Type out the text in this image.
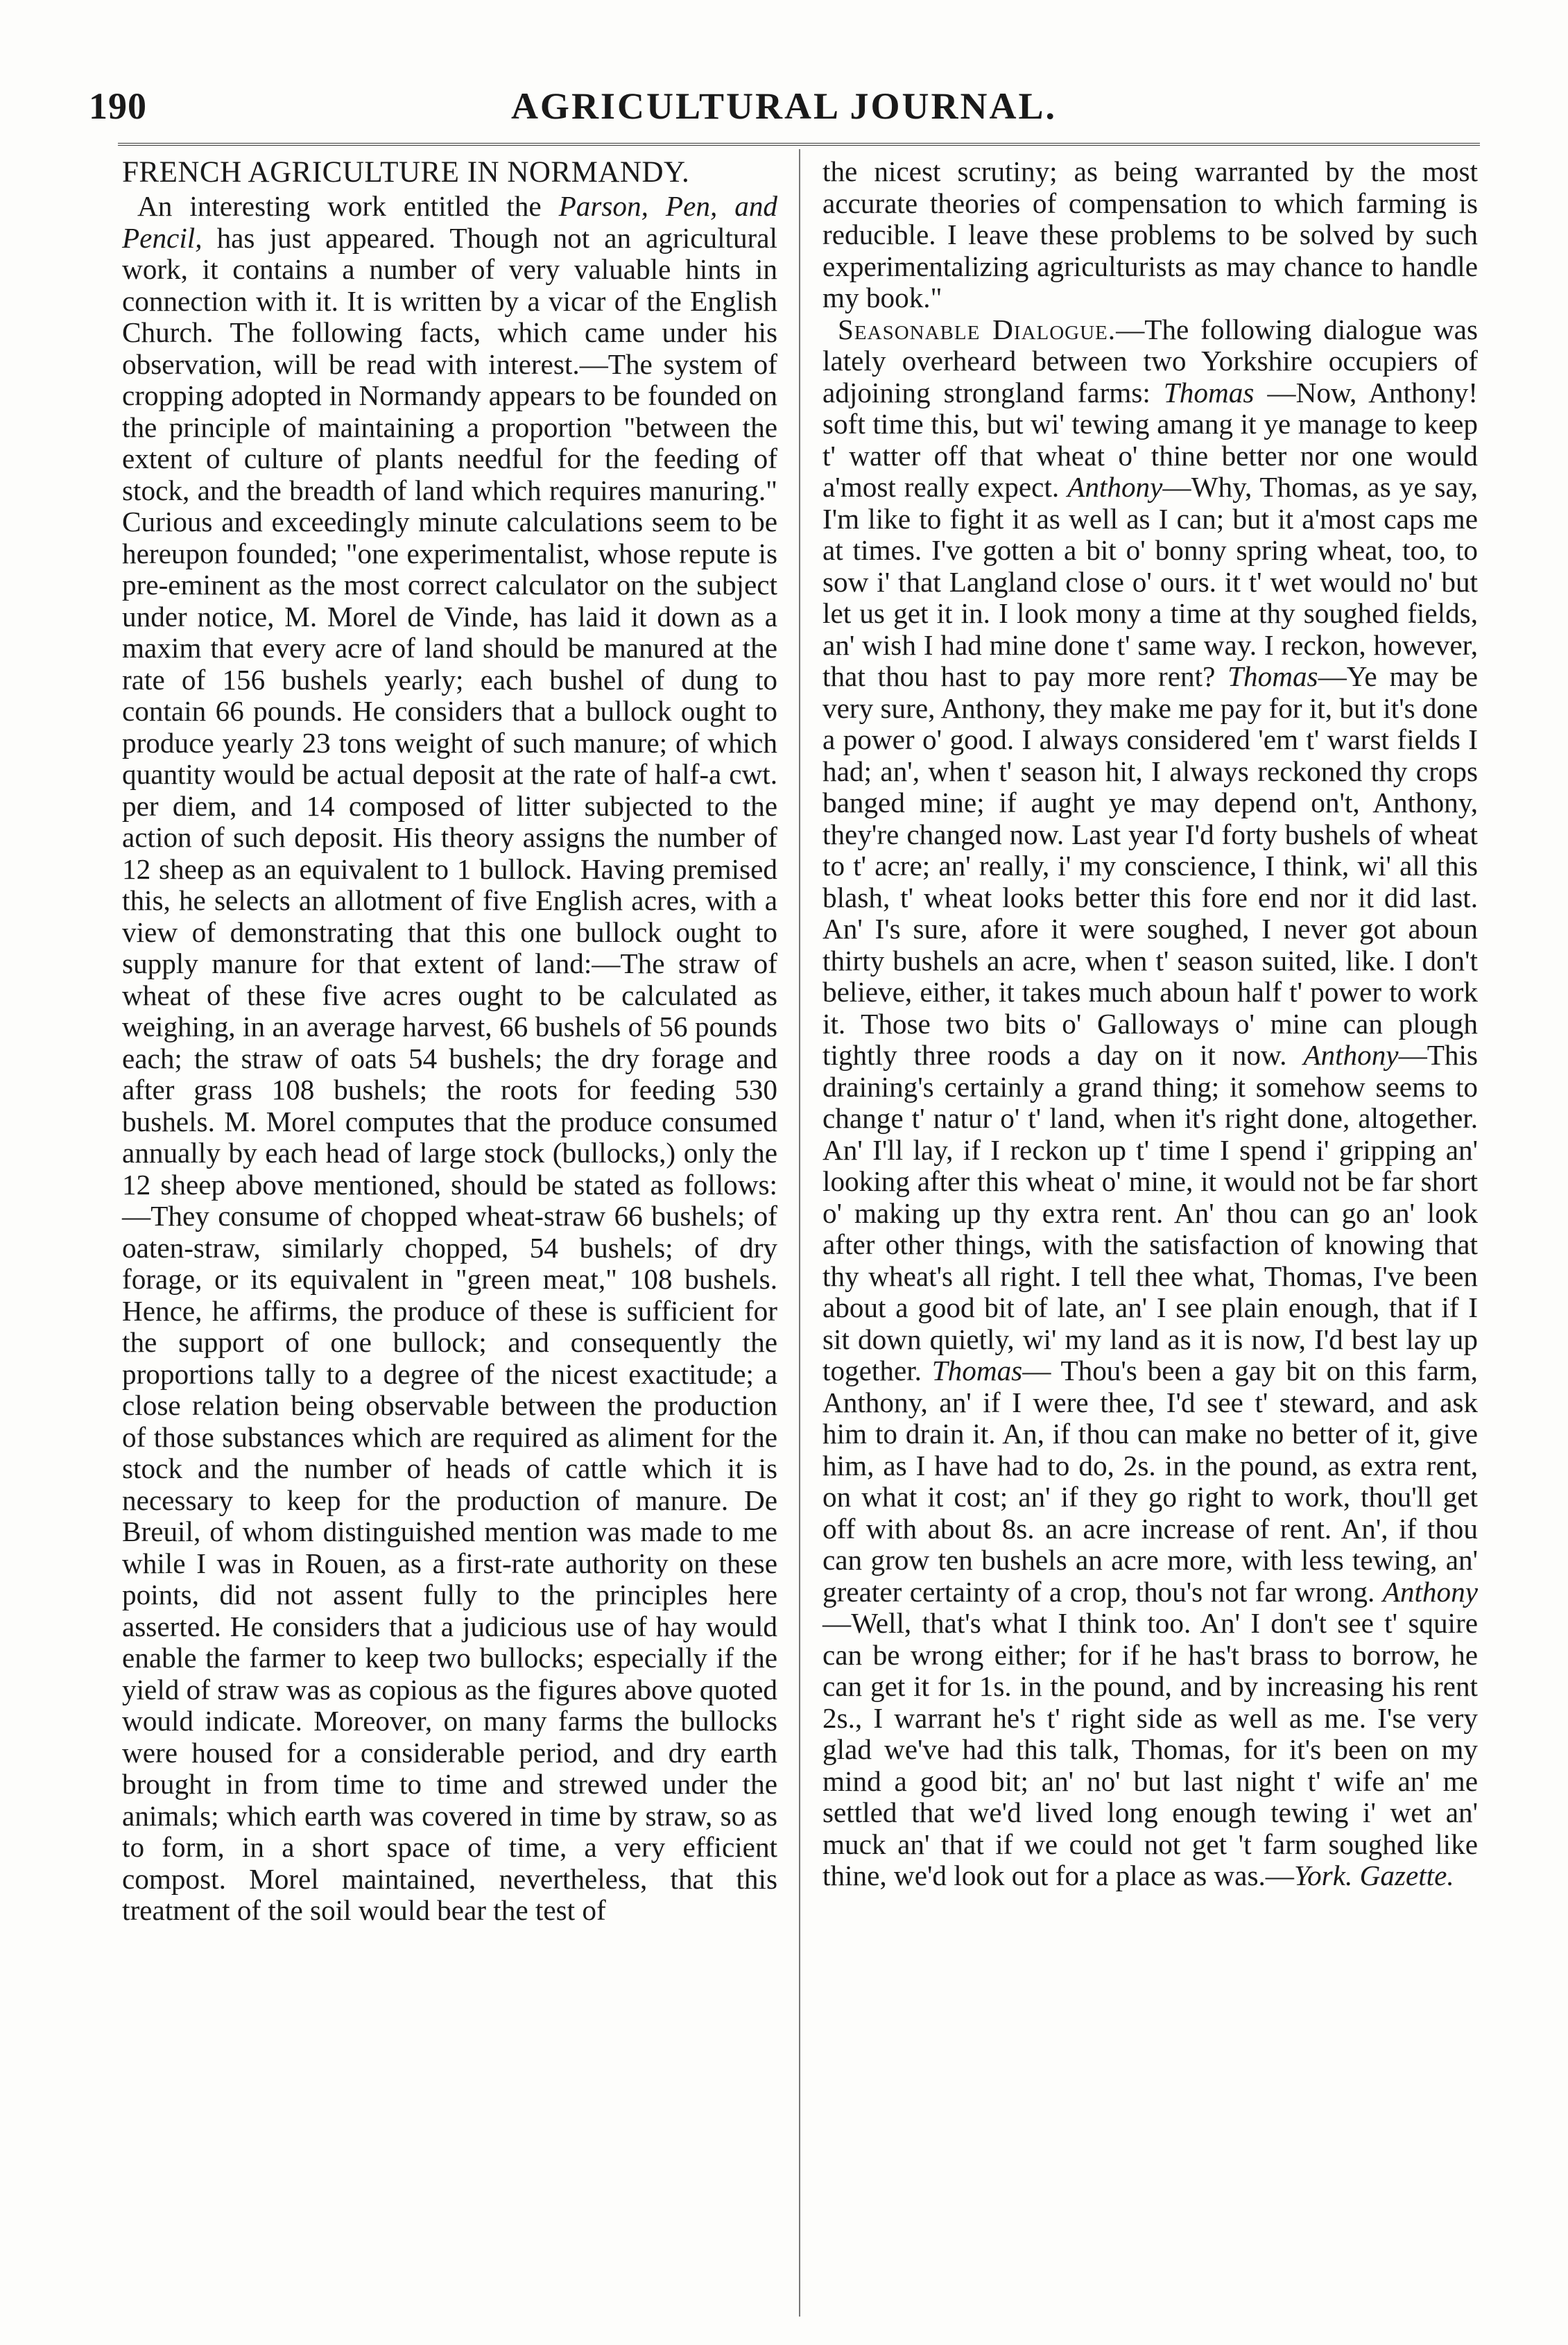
190	AGRICULTURAL JOURNAL.
FRENCH AGRICULTURE IN NORMANDY.

An interesting work entitled the Parson, Pen, and Pencil, has just appeared. Though not an agricultural work, it contains a number of very valuable hints in connection with it. It is written by a vicar of the English Church. The following facts, which came under his observation, will be read with interest.—The system of cropping adopted in Normandy appears to be founded on the principle of maintaining a proportion "between the extent of culture of plants needful for the feeding of stock, and the breadth of land which requires manuring." Curious and exceedingly minute calculations seem to be hereupon founded; "one experimentalist, whose repute is pre-eminent as the most correct calculator on the subject under notice, M. Morel de Vinde, has laid it down as a maxim that every acre of land should be manured at the rate of 156 bushels yearly; each bushel of dung to contain 66 pounds. He considers that a bullock ought to produce yearly 23 tons weight of such manure; of which quantity would be actual deposit at the rate of half-a cwt. per diem, and 14 composed of litter subjected to the action of such deposit. His theory assigns the number of 12 sheep as an equivalent to 1 bullock. Having premised this, he selects an allotment of five English acres, with a view of demonstrating that this one bullock ought to supply manure for that extent of land:—The straw of wheat of these five acres ought to be calculated as weighing, in an average harvest, 66 bushels of 56 pounds each; the straw of oats 54 bushels; the dry forage and after grass 108 bushels; the roots for feeding 530 bushels. M. Morel computes that the produce consumed annually by each head of large stock (bullocks,) only the 12 sheep above mentioned, should be stated as follows:—They consume of chopped wheat-straw 66 bushels; of oaten-straw, similarly chopped, 54 bushels; of dry forage, or its equivalent in "green meat," 108 bushels. Hence, he affirms, the produce of these is sufficient for the support of one bullock; and consequently the proportions tally to a degree of the nicest exactitude; a close relation being observable between the production of those substances which are required as aliment for the stock and the number of heads of cattle which it is necessary to keep for the production of manure. De Breuil, of whom distinguished mention was made to me while I was in Rouen, as a first-rate authority on these points, did not assent fully to the principles here asserted. He considers that a judicious use of hay would enable the farmer to keep two bullocks; especially if the yield of straw was as copious as the figures above quoted would indicate. Moreover, on many farms the bullocks were housed for a considerable period, and dry earth brought in from time to time and strewed under the animals; which earth was covered in time by straw, so as to form, in a short space of time, a very efficient compost. Morel maintained, nevertheless, that this treatment of the soil would bear the test of

the nicest scrutiny; as being warranted by the most accurate theories of compensation to which farming is reducible. I leave these problems to be solved by such experimentalizing agriculturists as may chance to handle my book."

Seasonable Dialogue.—The following dialogue was lately overheard between two Yorkshire occupiers of adjoining strongland farms: Thomas —Now, Anthony! soft time this, but wi' tewing amang it ye manage to keep t' watter off that wheat o' thine better nor one would a'most really expect. Anthony—Why, Thomas, as ye say, I'm like to fight it as well as I can; but it a'most caps me at times. I've gotten a bit o' bonny spring wheat, too, to sow i' that Langland close o' ours. it t' wet would no' but let us get it in. I look mony a time at thy soughed fields, an' wish I had mine done t' same way. I reckon, however, that thou hast to pay more rent? Thomas—Ye may be very sure, Anthony, they make me pay for it, but it's done a power o' good. I always considered 'em t' warst fields I had; an', when t' season hit, I always reckoned thy crops banged mine; if aught ye may depend on't, Anthony, they're changed now. Last year I'd forty bushels of wheat to t' acre; an' really, i' my conscience, I think, wi' all this blash, t' wheat looks better this fore end nor it did last. An' I's sure, afore it were soughed, I never got aboun thirty bushels an acre, when t' season suited, like. I don't believe, either, it takes much aboun half t' power to work it. Those two bits o' Galloways o' mine can plough tightly three roods a day on it now. Anthony—This draining's certainly a grand thing; it somehow seems to change t' natur o' t' land, when it's right done, altogether. An' I'll lay, if I reckon up t' time I spend i' gripping an' looking after this wheat o' mine, it would not be far short o' making up thy extra rent. An' thou can go an' look after other things, with the satisfaction of knowing that thy wheat's all right. I tell thee what, Thomas, I've been about a good bit of late, an' I see plain enough, that if I sit down quietly, wi' my land as it is now, I'd best lay up together. Thomas— Thou's been a gay bit on this farm, Anthony, an' if I were thee, I'd see t' steward, and ask him to drain it. An, if thou can make no better of it, give him, as I have had to do, 2s. in the pound, as extra rent, on what it cost; an' if they go right to work, thou'll get off with about 8s. an acre increase of rent. An', if thou can grow ten bushels an acre more, with less tewing, an' greater certainty of a crop, thou's not far wrong. Anthony —Well, that's what I think too. An' I don't see t' squire can be wrong either; for if he has't brass to borrow, he can get it for 1s. in the pound, and by increasing his rent 2s., I warrant he's t' right side as well as me. I'se very glad we've had this talk, Thomas, for it's been on my mind a good bit; an' no' but last night t' wife an' me settled that we'd lived long enough tewing i' wet an' muck an' that if we could not get 't farm soughed like thine, we'd look out for a place as was.—York. Gazette.
